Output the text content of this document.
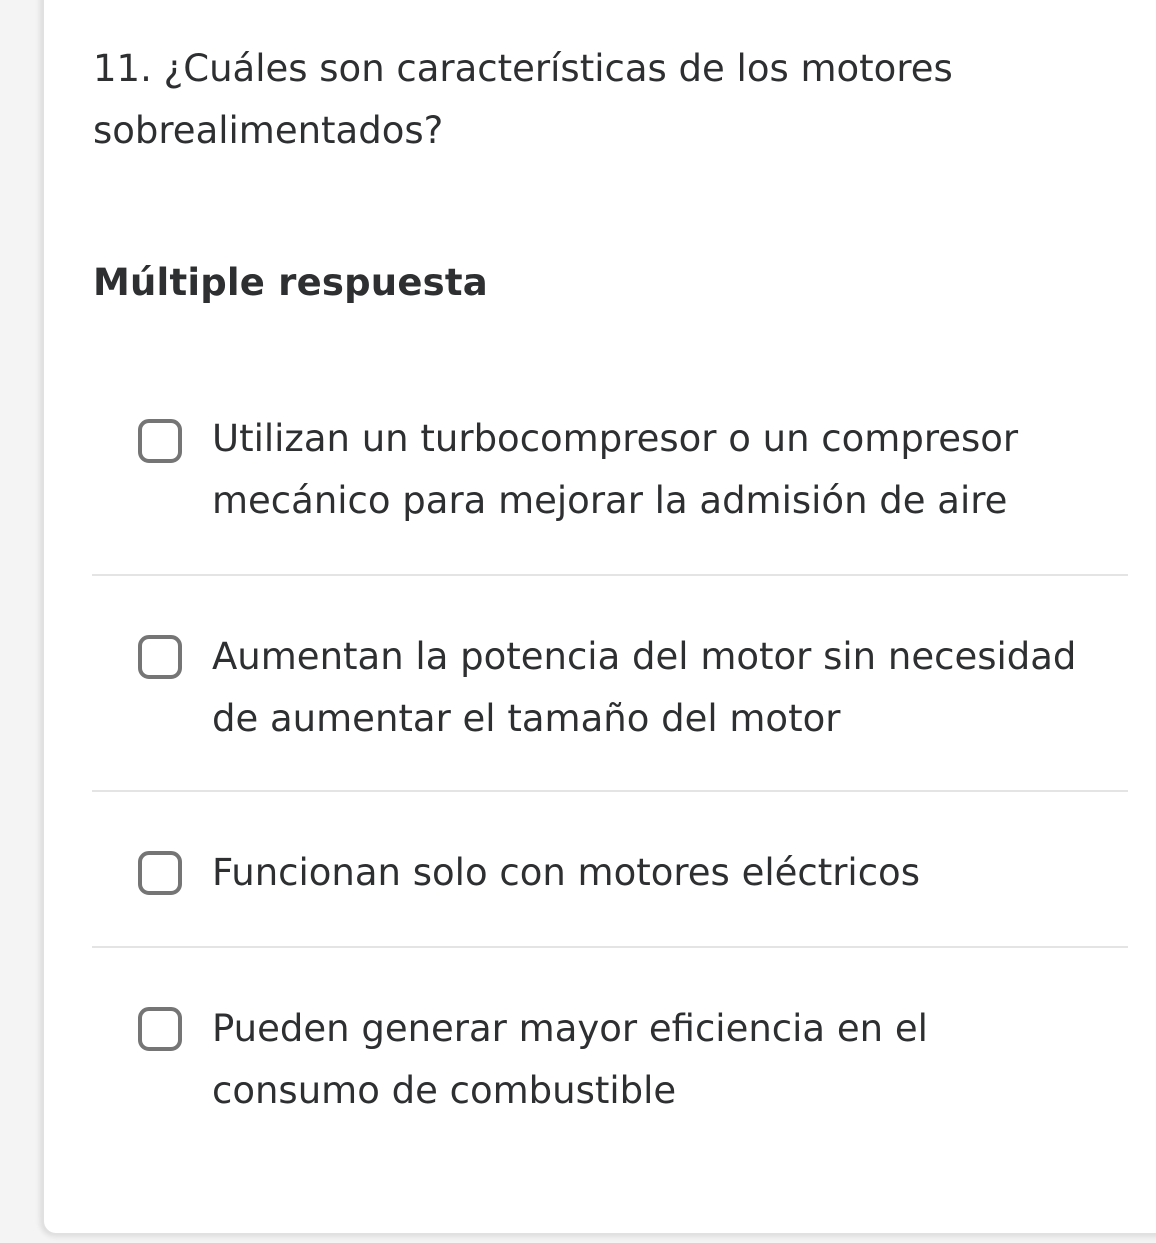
11. ¿Cuáles son características de los motores sobrealimentados?
Múltiple respuesta
Utilizan un turbocompresor o un compresor mecánico para mejorar la admisión de aire
Aumentan la potencia del motor sin necesidad de aumentar el tamaño del motor
Funcionan solo con motores eléctricos
Pueden generar mayor eficiencia en el consumo de combustible
